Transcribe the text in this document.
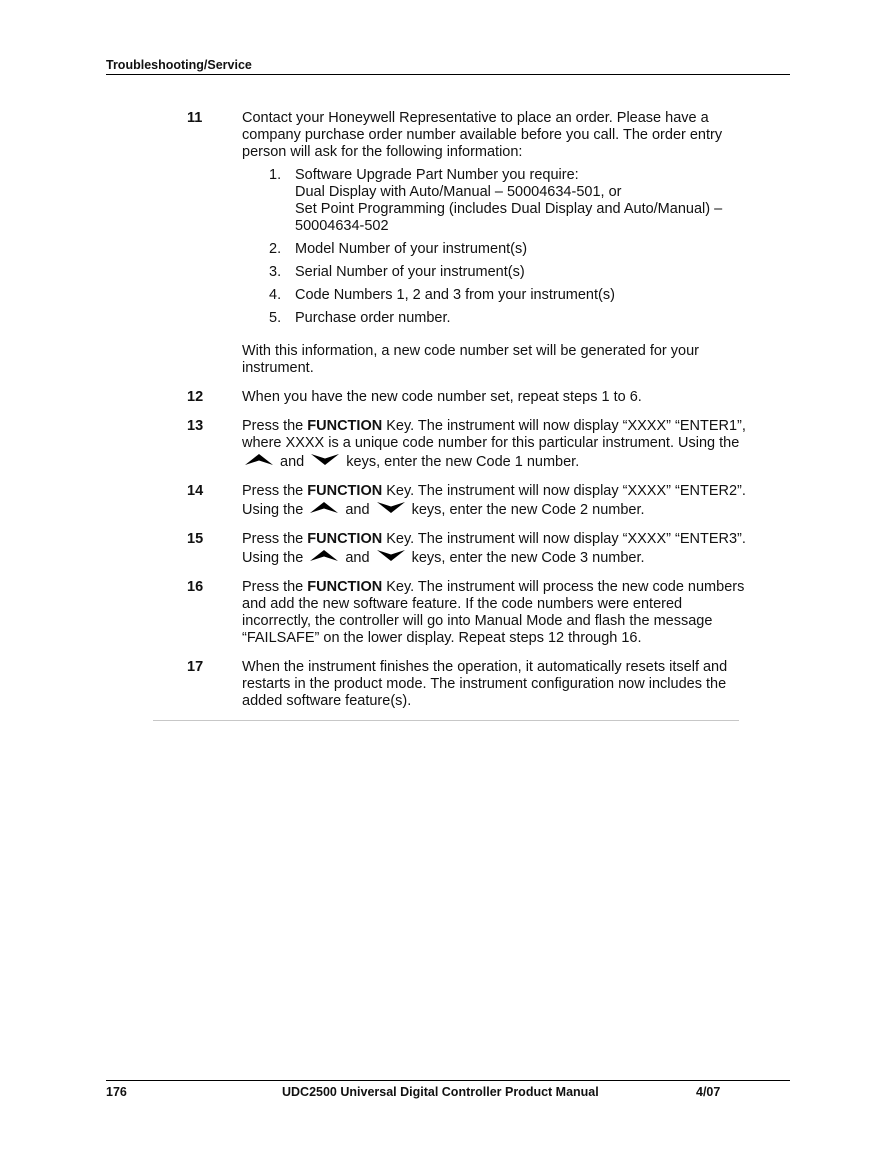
Troubleshooting/Service
11	Contact your Honeywell Representative to place an order. Please have a company purchase order number available before you call. The order entry person will ask for the following information:
1. Software Upgrade Part Number you require:
Dual Display with Auto/Manual – 50004634-501, or
Set Point Programming (includes Dual Display and Auto/Manual) –
50004634-502
2. Model Number of your instrument(s)
3. Serial Number of your instrument(s)
4. Code Numbers 1, 2 and 3 from your instrument(s)
5. Purchase order number.
With this information, a new code number set will be generated for your instrument.
12	When you have the new code number set, repeat steps 1 to 6.
13	Press the FUNCTION Key. The instrument will now display “XXXX” “ENTER1”, where XXXX is a unique code number for this particular instrument. Using the
and	keys, enter the new Code 1 number.
14	Press the FUNCTION Key. The instrument will now display “XXXX” “ENTER2”. Using the	and	keys, enter the new Code 2 number.
15	Press the FUNCTION Key. The instrument will now display “XXXX” “ENTER3”. Using the	and	keys, enter the new Code 3 number.
16	Press the FUNCTION Key. The instrument will process the new code numbers and add the new software feature. If the code numbers were entered incorrectly, the controller will go into Manual Mode and flash the message “FAILSAFE” on the lower display. Repeat steps 12 through 16.
17	When the instrument finishes the operation, it automatically resets itself and restarts in the product mode. The instrument configuration now includes the added software feature(s).
176	UDC2500 Universal Digital Controller Product Manual	4/07
